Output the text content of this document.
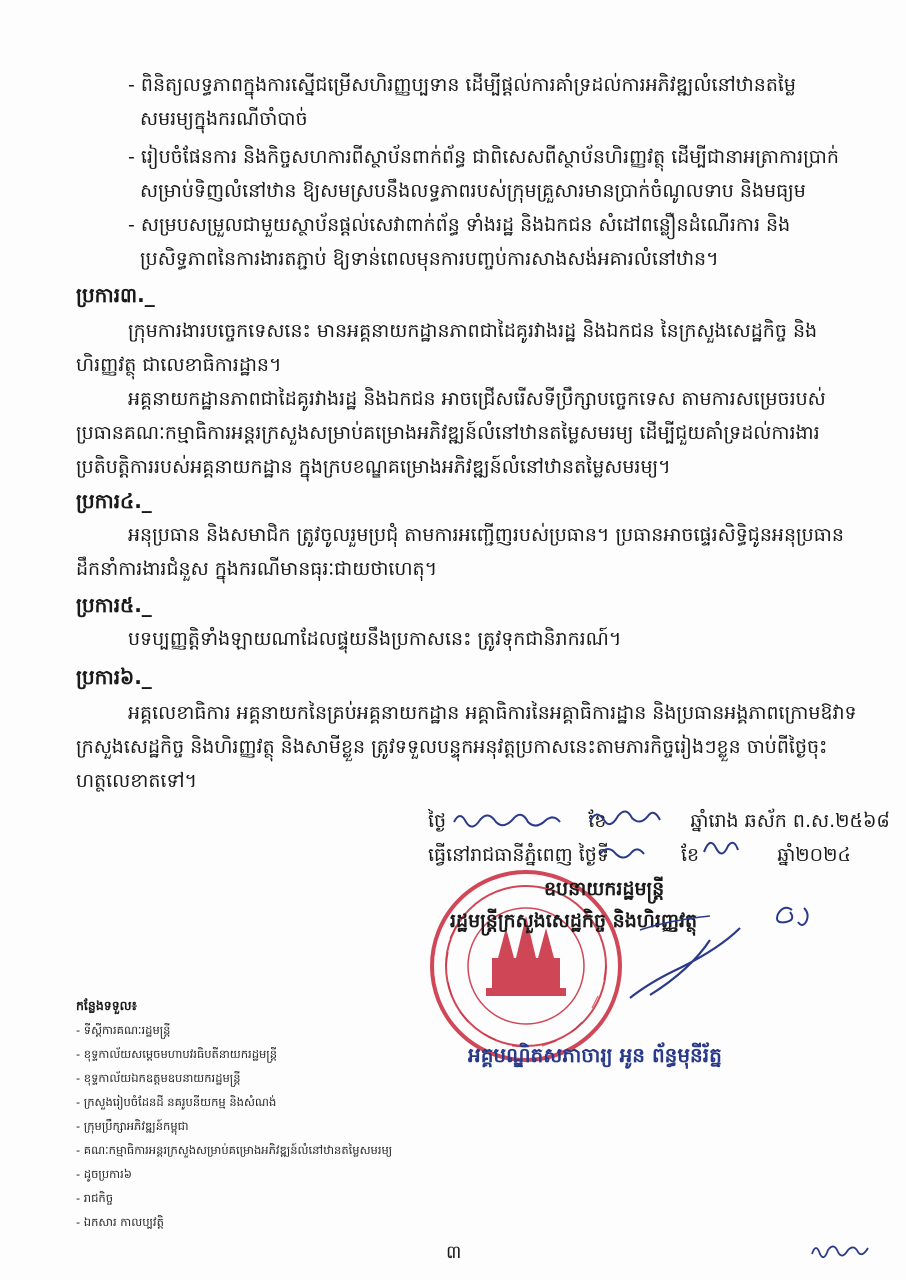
- ពិនិត្យលទ្ធភាពក្នុងការស្នើជម្រើសហិរញ្ញប្បទាន ដើម្បីផ្តល់ការគាំទ្រដល់ការអភិវឌ្ឍលំនៅឋានតម្លៃ
សមរម្យក្នុងករណីចាំបាច់
- រៀបចំផែនការ និងកិច្ចសហការពីស្ថាប័នពាក់ព័ន្ធ ជាពិសេសពីស្ថាប័នហិរញ្ញវត្ថុ ដើម្បីជានាអត្រាការប្រាក់
សម្រាប់ទិញលំនៅឋាន ឱ្យសមស្របនឹងលទ្ធភាពរបស់ក្រុមគ្រួសារមានប្រាក់ចំណូលទាប និងមធ្យម
- សម្របសម្រួលជាមួយស្ថាប័នផ្តល់សេវាពាក់ព័ន្ធ ទាំងរដ្ឋ និងឯកជន សំដៅពន្លឿនដំណើរការ និង
ប្រសិទ្ធភាពនៃការងារតភ្ជាប់ ឱ្យទាន់ពេលមុនការបញ្ចប់ការសាងសង់អគារលំនៅឋាន។
ប្រការ៣._
ក្រុមការងារបច្ចេកទេសនេះ មានអគ្គនាយកដ្ឋានភាពជាដៃគូរវាងរដ្ឋ និងឯកជន នៃក្រសួងសេដ្ឋកិច្ច និង
ហិរញ្ញវត្ថុ ជាលេខាធិការដ្ឋាន។
អគ្គនាយកដ្ឋានភាពជាដៃគូរវាងរដ្ឋ និងឯកជន អាចជ្រើសរើសទីប្រឹក្សាបច្ចេកទេស តាមការសម្រេចរបស់
ប្រធានគណៈកម្មាធិការអន្តរក្រសួងសម្រាប់គម្រោងអភិវឌ្ឍន៍លំនៅឋានតម្លៃសមរម្យ ដើម្បីជួយគាំទ្រដល់ការងារ
ប្រតិបត្តិការរបស់អគ្គនាយកដ្ឋាន ក្នុងក្របខណ្ឌគម្រោងអភិវឌ្ឍន៍លំនៅឋានតម្លៃសមរម្យ។
ប្រការ៤._
អនុប្រធាន និងសមាជិក ត្រូវចូលរួមប្រជុំ តាមការអញ្ជើញរបស់ប្រធាន។ ប្រធានអាចផ្ទេរសិទ្ធិជូនអនុប្រធាន
ដឹកនាំការងារជំនួស ក្នុងករណីមានធុរៈជាយថាហេតុ។
ប្រការ៥._
បទប្បញ្ញត្តិទាំងឡាយណាដែលផ្ទុយនឹងប្រកាសនេះ ត្រូវទុកជានិរាករណ៍។
ប្រការ៦._
អគ្គលេខាធិការ អគ្គនាយកនៃគ្រប់អគ្គនាយកដ្ឋាន អគ្គាធិការនៃអគ្គាធិការដ្ឋាន និងប្រធានអង្គភាពក្រោមឱវាទ
ក្រសួងសេដ្ឋកិច្ច និងហិរញ្ញវត្ថុ និងសាមីខ្លួន ត្រូវទទួលបន្ទុកអនុវត្តប្រកាសនេះតាមភារកិច្ចរៀងៗខ្លួន ចាប់ពីថ្ងៃចុះ
ហត្ថលេខាតទៅ។
ថ្ងៃ	ខែ	ឆ្នាំរោង ឆស័ក ព.ស.២៥៦៨
ធ្វើនៅរាជធានីភ្នំពេញ ថ្ងៃទី	ខែ	ឆ្នាំ២០២៤
ឧបនាយករដ្ឋមន្ត្រី
រដ្ឋមន្ត្រីក្រសួងសេដ្ឋកិច្ច និងហិរញ្ញវត្ថុ
អគ្គបណ្ឌិតសភាចារ្យ អូន ព័ន្ធមុនីរ័ត្ន
កន្លែងទទួល៖
- ទីស្តីការគណៈរដ្ឋមន្ត្រី
- ខុទ្ទកាល័យសម្តេចមហាបវរធិបតីនាយករដ្ឋមន្ត្រី
- ខុទ្ទកាល័យឯកឧត្តមឧបនាយករដ្ឋមន្ត្រី
- ក្រសួងរៀបចំដែនដី នគរូបនីយកម្ម និងសំណង់
- ក្រុមប្រឹក្សាអភិវឌ្ឍន៍កម្ពុជា
- គណៈកម្មាធិការអន្តរក្រសួងសម្រាប់គម្រោងអភិវឌ្ឍន៍លំនៅឋានតម្លៃសមរម្យ
- ដូចប្រការ៦
- រាជកិច្ច
- ឯកសារ កាលប្បវត្តិ
៣
